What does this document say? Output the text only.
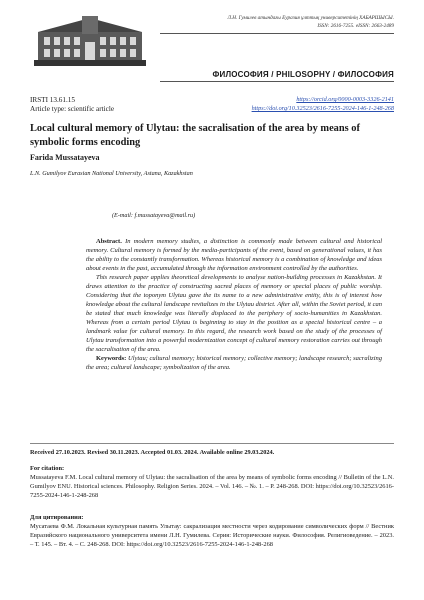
Л.Н. Гумилев атындағы Еуразия ұлттық университетінің ХАБАРШЫСЫ.
ISSN: 2616-7255. eISSN: 2663-2489
ФИЛОСОФИЯ / PHILOSOPHY / ФИЛОСОФИЯ
IRSTI 13.61.15
Article type: scientific article
https://orcid.org/0000-0003-3326-2141
https://doi.org/10.32523/2616-7255-2024-146-1-248-268
Local cultural memory of Ulytau: the sacralisation of the area by means of symbolic forms encoding
Farida Mussatayeva
L.N. Gumilyov Eurasian National University, Astana, Kazakhstan
(E-mail: f.mussatayeva@mail.ru)

Abstract. In modern memory studies, a distinction is commonly made between cultural and historical memory. Cultural memory is formed by the media-participants of the event, based on generational values, it has the ability to the constantly transformation. Whereas historical memory is a combination of knowledge and ideas about events in the past, accumulated through the information environment controlled by the authorities.

This research paper applies theoretical developments to analyse nation-building processes in Kazakhstan. It draws attention to the practice of constructing sacred places of memory or special places of public worship. Considering that the toponym Ulytau gave the its name to a new administrative entity, this is of interest how knowledge about the cultural landscape revitalizes in the Ulytau district. After all, within the Soviet period, it can be stated that much knowledge was literally displaced to the periphery of socio-humanities in Kazakhstan. Whereas from a certain period Ulytau is beginning to stay in the position as a special historical centre – a landmark value for cultural memory. In this regard, the research work based on the study of the processes of Ulytau transformation into a powerful modernization concept of cultural memory restoration carries out through the sacralisation of the area.

Keywords: Ulytau; cultural memory; historical memory; collective memory; landscape research; sacralizing the area; cultural landscape; symbolization of the area.

Received 27.10.2023. Revised 30.11.2023. Accepted 01.03. 2024. Available online 29.03.2024.
For citation:
Mussatayeva F.M. Local cultural memory of Ulytau: the sacralisation of the area by means of symbolic forms encoding // Bulletin of the L.N. Gumilyov ENU. Historical sciences. Philosophy. Religion Series. 2024. – Vol. 146. – №. 1. – P. 248-268. DOI: https://doi.org/10.32523/2616-7255-2024-146-1-248-268
Для цитирования:
Мусатаева Ф.М. Локальная культурная память Улытау: сакрализация местности через кодирование символических форм // Вестник Евразийского национального университета имени Л.Н. Гумилева. Серия: Исторические науки. Философия. Религиоведение. – 2023. – Т. 145. – Вт. 4. – С. 248-268. DOI: https://doi.org/10.32523/2616-7255-2024-146-1-248-268
